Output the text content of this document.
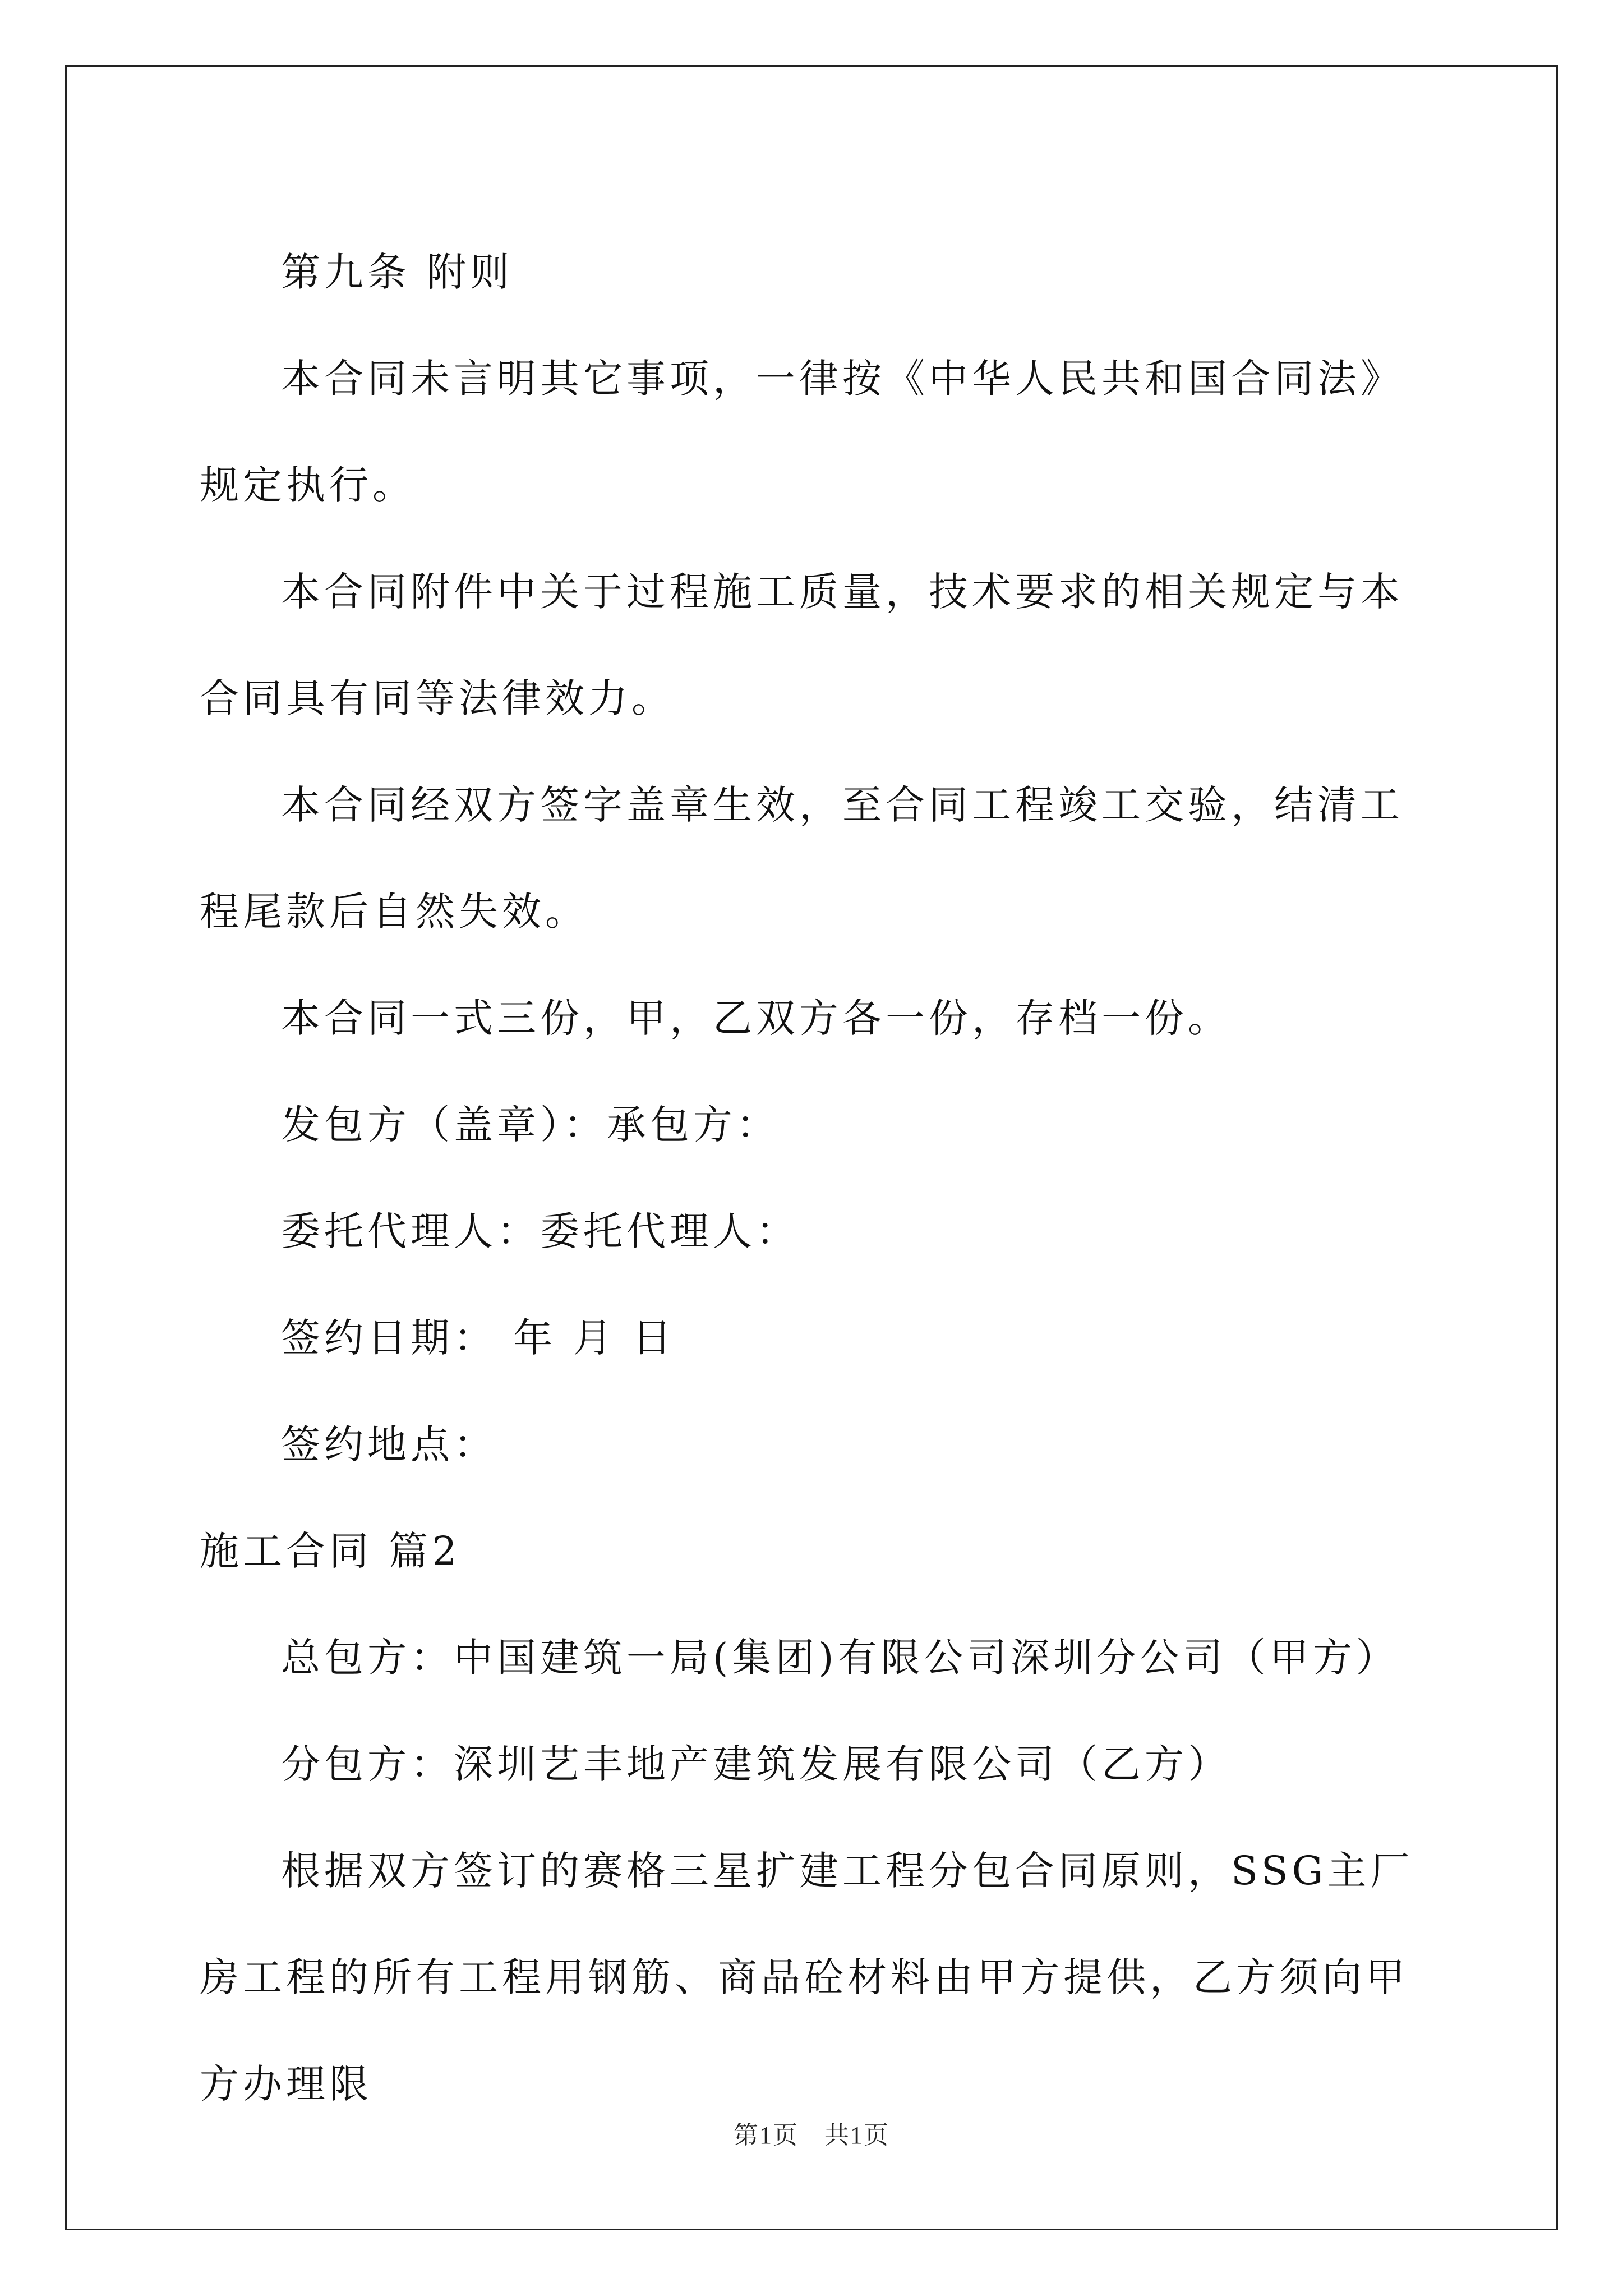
第九条 附则

本合同未言明其它事项，一律按《中华人民共和国合同法》规定执行。

本合同附件中关于过程施工质量，技术要求的相关规定与本合同具有同等法律效力。

本合同经双方签字盖章生效，至合同工程竣工交验，结清工程尾款后自然失效。

本合同一式三份，甲，乙双方各一份，存档一份。

发包方（盖章）：承包方：

委托代理人：委托代理人：

签约日期： 年 月 日

签约地点：

施工合同 篇2

总包方：中国建筑一局(集团)有限公司深圳分公司（甲方）

分包方：深圳艺丰地产建筑发展有限公司（乙方）

根据双方签订的赛格三星扩建工程分包合同原则，SSG主厂房工程的所有工程用钢筋、商品砼材料由甲方提供，乙方须向甲方办理限

第1页　共1页
